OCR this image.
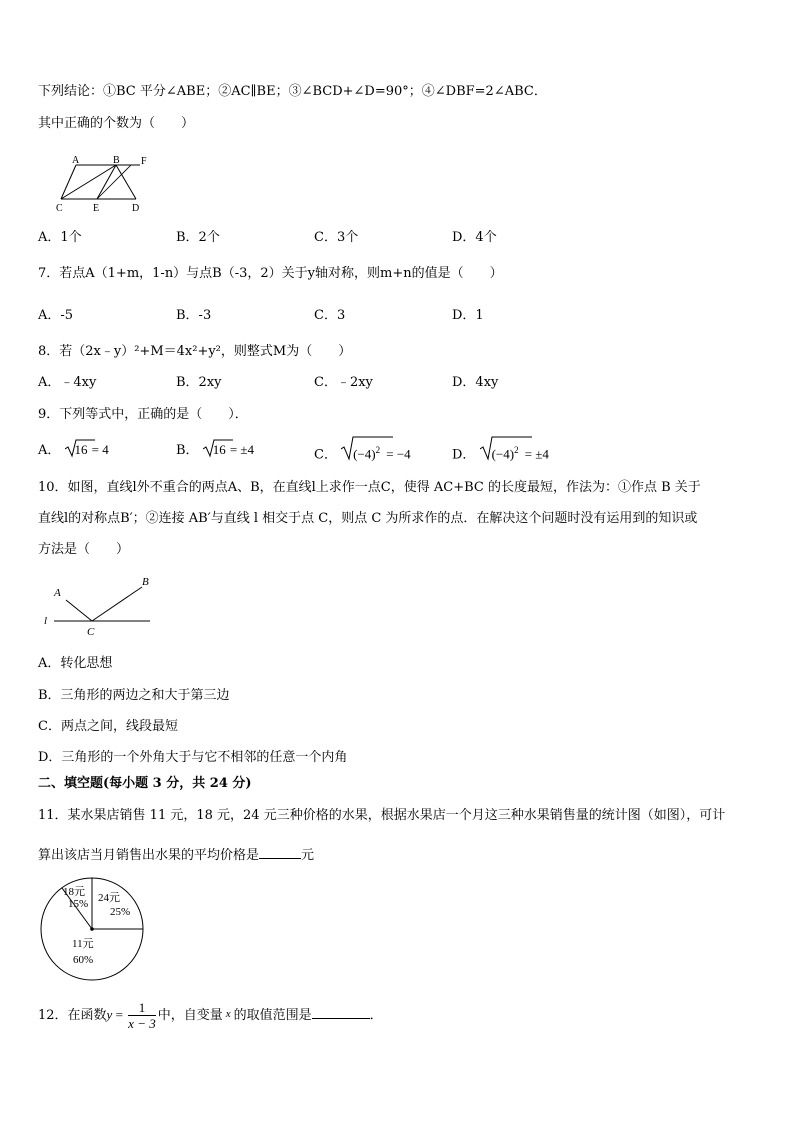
下列结论：①BC 平分∠ABE；②AC∥BE；③∠BCD+∠D=90°；④∠DBF=2∠ABC．
其中正确的个数为（　　）
A	B F
C	E	D
A．1个	B．2个	C．3个	D．4个
7．若点A（1+m，1-n）与点B（-3，2）关于y轴对称，则m+n的值是（　　）
A．-5	B．-3	C．3	D．1
8．若（2x﹣y）²+M＝4x²+y²，则整式M为（　　）
A．﹣4xy	B．2xy	C．﹣2xy	D．4xy
9．下列等式中，正确的是（　　）．
A． 16 = 4	B． 16 = ±4	C． $(-4)^2 = -4$	D． $(-4)^2 = \pm 4$
10．如图，直线l外不重合的两点A、B，在直线l上求作一点C，使得 AC+BC 的长度最短，作法为：①作点 B 关于
直线l的对称点B′；②连接 AB′与直线 l 相交于点 C，则点 C 为所求作的点．在解决这个问题时没有运用到的知识或
方法是（　　）
A
B
l
C
A．转化思想
B．三角形的两边之和大于第三边
C．两点之间，线段最短
D．三角形的一个外角大于与它不相邻的任意一个内角
二、填空题(每小题 3 分，共 24 分)
11．某水果店销售 11 元，18 元，24 元三种价格的水果，根据水果店一个月这三种水果销售量的统计图（如图），可计
算出该店当月销售出水果的平均价格是	元
18元
15% 24元
25%
11元
60%
12．在函数$y = \frac{1}{x - 3}$ 中，自变量 x 的取值范围是	．
